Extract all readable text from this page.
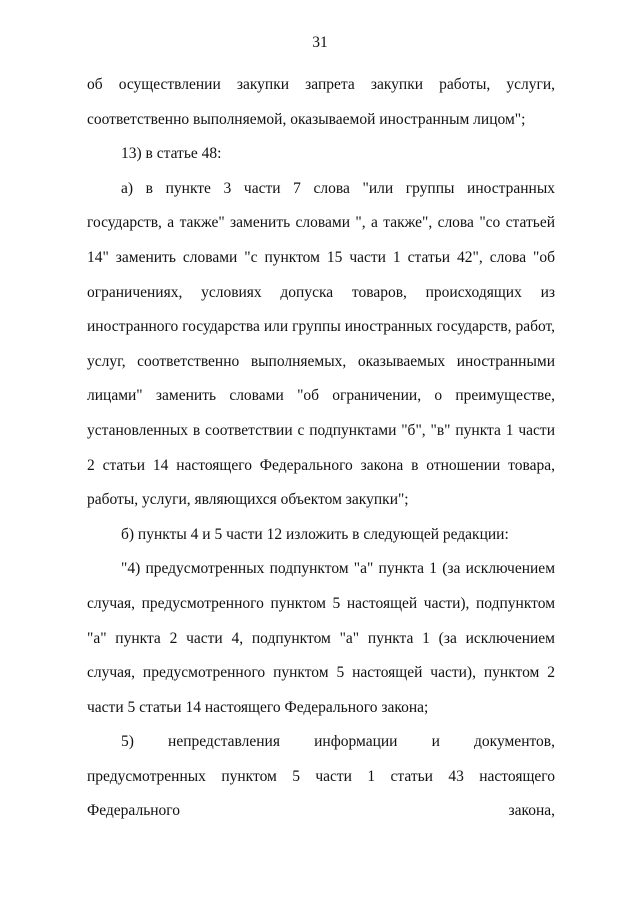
31

об осуществлении закупки запрета закупки работы, услуги, соответственно выполняемой, оказываемой иностранным лицом";

13) в статье 48:

а) в пункте 3 части 7 слова "или группы иностранных государств, а также" заменить словами ", а также", слова "со статьей 14" заменить словами "с пунктом 15 части 1 статьи 42", слова "об ограничениях, условиях допуска товаров, происходящих из иностранного государства или группы иностранных государств, работ, услуг, соответственно выполняемых, оказываемых иностранными лицами" заменить словами "об ограничении, о преимуществе, установленных в соответствии с подпунктами "б", "в" пункта 1 части 2 статьи 14 настоящего Федерального закона в отношении товара, работы, услуги, являющихся объектом закупки";

б) пункты 4 и 5 части 12 изложить в следующей редакции:

"4) предусмотренных подпунктом "а" пункта 1 (за исключением случая, предусмотренного пунктом 5 настоящей части), подпунктом "а" пункта 2 части 4, подпунктом "а" пункта 1 (за исключением случая, предусмотренного пунктом 5 настоящей части), пунктом 2 части 5 статьи 14 настоящего Федерального закона;

5) непредставления информации и документов, предусмотренных пунктом 5 части 1 статьи 43 настоящего Федерального закона,
